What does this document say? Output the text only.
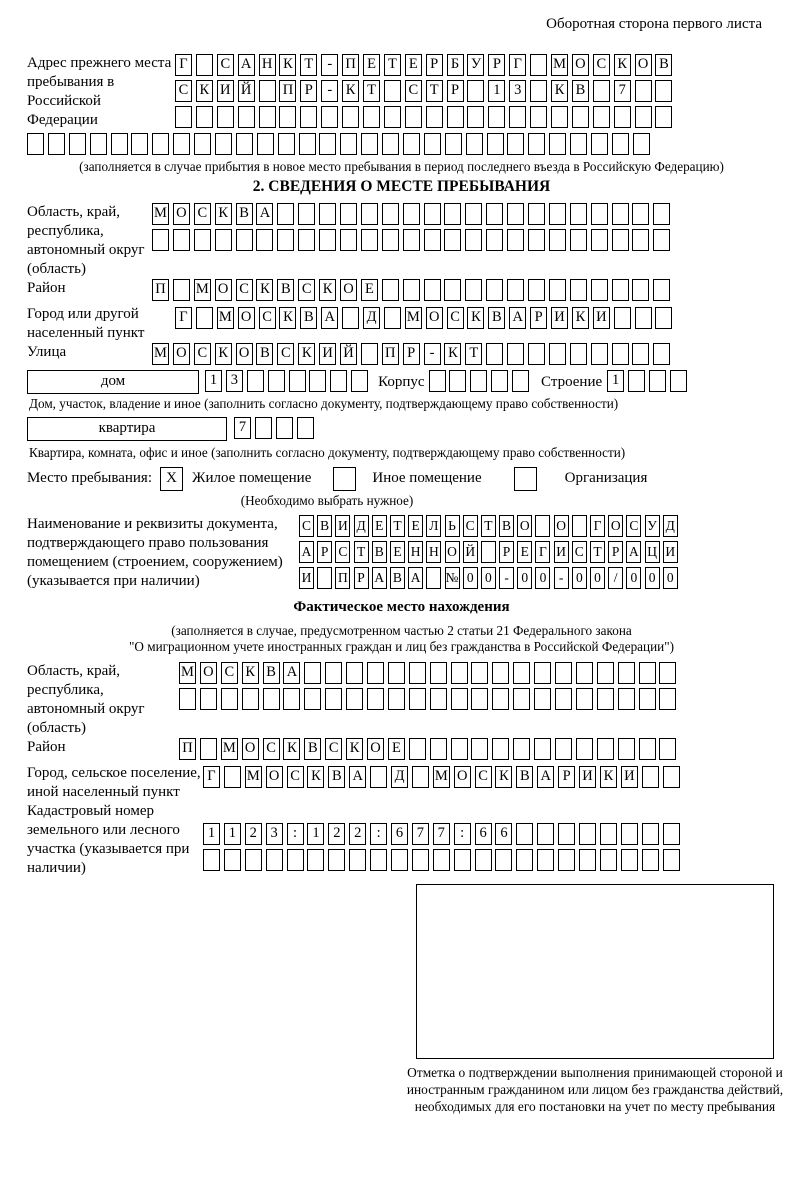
Оборотная сторона первого листа
Адрес прежнего места пребывания в Российской Федерации
Г С А Н К Т - П Е Т Е Р Б У Р Г М О С К О В
С К И Й П Р - К Т С Т Р	1 3	К В	7
(заполняется в случае прибытия в новое место пребывания в период последнего въезда в Российскую Федерацию)
2. СВЕДЕНИЯ О МЕСТЕ ПРЕБЫВАНИЯ
Область, край, республика, автономный округ (область)
М О С К В А
Район	П М О С К В С К О Е
Город или другой населенный пункт
Г М О С К В А Д М О С К В А Р И К И
Улица	М О С К О В С К И Й П Р - К Т
дом	1 3	Корпус	Строение 1
Дом, участок, владение и иное (заполнить согласно документу, подтверждающему право собственности)
квартира	7
Квартира, комната, офис и иное (заполнить согласно документу, подтверждающему право собственности)
Место пребывания: X	Жилое помещение	Иное помещение	Организация
(Необходимо выбрать нужное)
Наименование и реквизиты документа, подтверждающего право пользования помещением (строением, сооружением) (указывается при наличии)
С В И Д Е Т Е Л Ь С Т В О О Г О С У Д
А Р С Т В Е Н Н О Й Р Е Г И С Т Р А Ц И
И П Р А В А № 0 0 - 0 0 - 0 0 / 0 0 0
Фактическое место нахождения
(заполняется в случае, предусмотренном частью 2 статьи 21 Федерального закона
"О миграционном учете иностранных граждан и лиц без гражданства в Российской Федерации")
Область, край, республика, автономный округ (область)
М О С К В А
Район	П М О С К В С К О Е
Город, сельское поселение, иной населенный пункт
Г М О С К В А Д М О С К В А Р И К И
Кадастровый номер земельного или лесного участка (указывается при наличии)
1 1 2 3	:	1 2 2	:	6 7 7	:	6 6
Отметка о подтверждении выполнения принимающей стороной и иностранным гражданином или лицом без гражданства действий, необходимых для его постановки на учет по месту пребывания
